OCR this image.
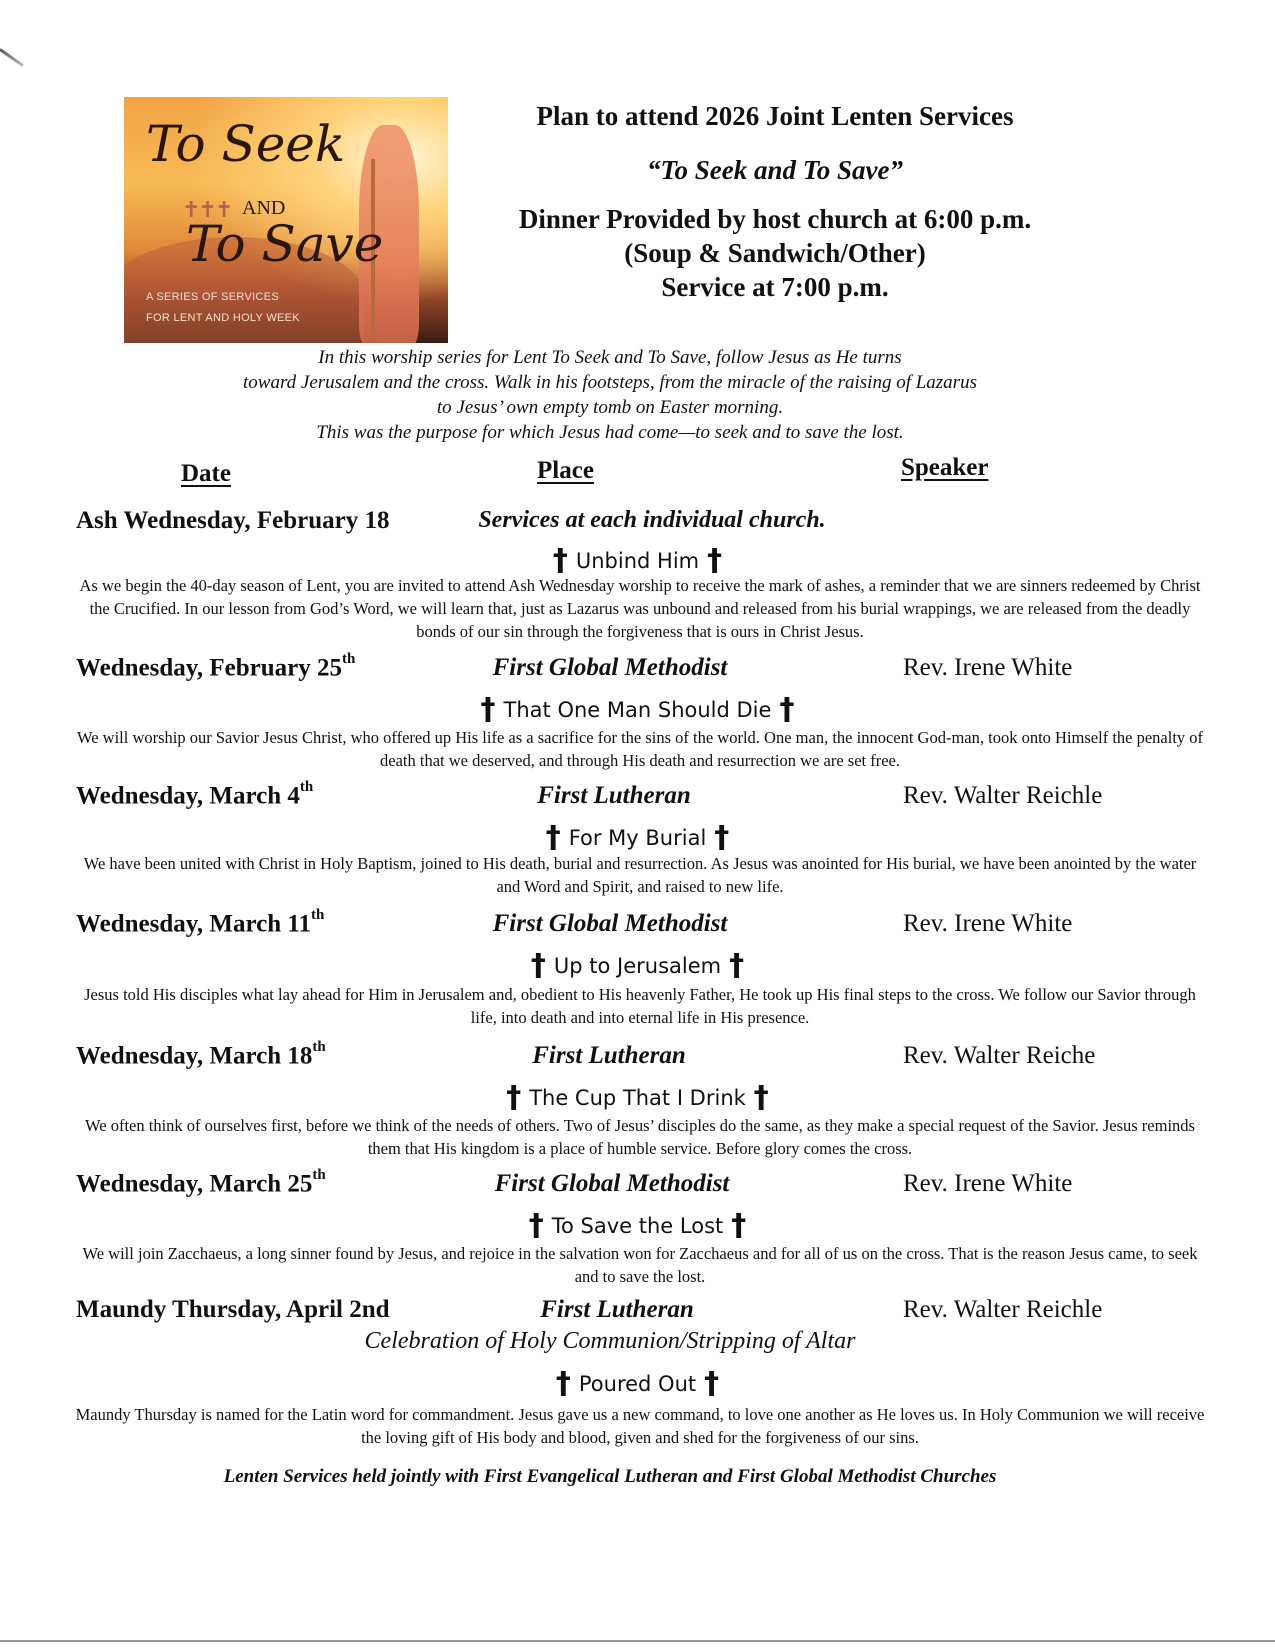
✝✝✝
To Seek
AND
To Save
A SERIES OF SERVICES
FOR LENT AND HOLY WEEK
Plan to attend 2026 Joint Lenten Services
“To Seek and To Save”
Dinner Provided by host church at 6:00 p.m.
(Soup & Sandwich/Other)
Service at 7:00 p.m.
In this worship series for Lent To Seek and To Save, follow Jesus as He turns
toward Jerusalem and the cross. Walk in his footsteps, from the miracle of the raising of Lazarus
to Jesus’ own empty tomb on Easter morning.
This was the purpose for which Jesus had come—to seek and to save the lost.
Date	Place	Speaker
Ash Wednesday, February 18	Services at each individual church.
† Unbind Him †
As we begin the 40-day season of Lent, you are invited to attend Ash Wednesday worship to receive the mark of ashes, a reminder that we are sinners redeemed by Christ the Crucified. In our lesson from God’s Word, we will learn that, just as Lazarus was unbound and released from his burial wrappings, we are released from the deadly bonds of our sin through the forgiveness that is ours in Christ Jesus.
Wednesday, February 25th	First Global Methodist	Rev. Irene White
† That One Man Should Die †
We will worship our Savior Jesus Christ, who offered up His life as a sacrifice for the sins of the world. One man, the innocent God-man, took onto Himself the penalty of death that we deserved, and through His death and resurrection we are set free.
Wednesday, March 4th	First Lutheran	Rev. Walter Reichle
† For My Burial †
We have been united with Christ in Holy Baptism, joined to His death, burial and resurrection. As Jesus was anointed for His burial, we have been anointed by the water and Word and Spirit, and raised to new life.
Wednesday, March 11th	First Global Methodist	Rev. Irene White
† Up to Jerusalem †
Jesus told His disciples what lay ahead for Him in Jerusalem and, obedient to His heavenly Father, He took up His final steps to the cross. We follow our Savior through life, into death and into eternal life in His presence.
Wednesday, March 18th	First Lutheran	Rev. Walter Reiche
† The Cup That I Drink †
We often think of ourselves first, before we think of the needs of others. Two of Jesus’ disciples do the same, as they make a special request of the Savior. Jesus reminds them that His kingdom is a place of humble service. Before glory comes the cross.
Wednesday, March 25th	First Global Methodist	Rev. Irene White
† To Save the Lost †
We will join Zacchaeus, a long sinner found by Jesus, and rejoice in the salvation won for Zacchaeus and for all of us on the cross. That is the reason Jesus came, to seek and to save the lost.
Maundy Thursday, April 2nd	First Lutheran	Rev. Walter Reichle
Celebration of Holy Communion/Stripping of Altar
† Poured Out †
Maundy Thursday is named for the Latin word for commandment. Jesus gave us a new command, to love one another as He loves us. In Holy Communion we will receive the loving gift of His body and blood, given and shed for the forgiveness of our sins.
Lenten Services held jointly with First Evangelical Lutheran and First Global Methodist Churches
